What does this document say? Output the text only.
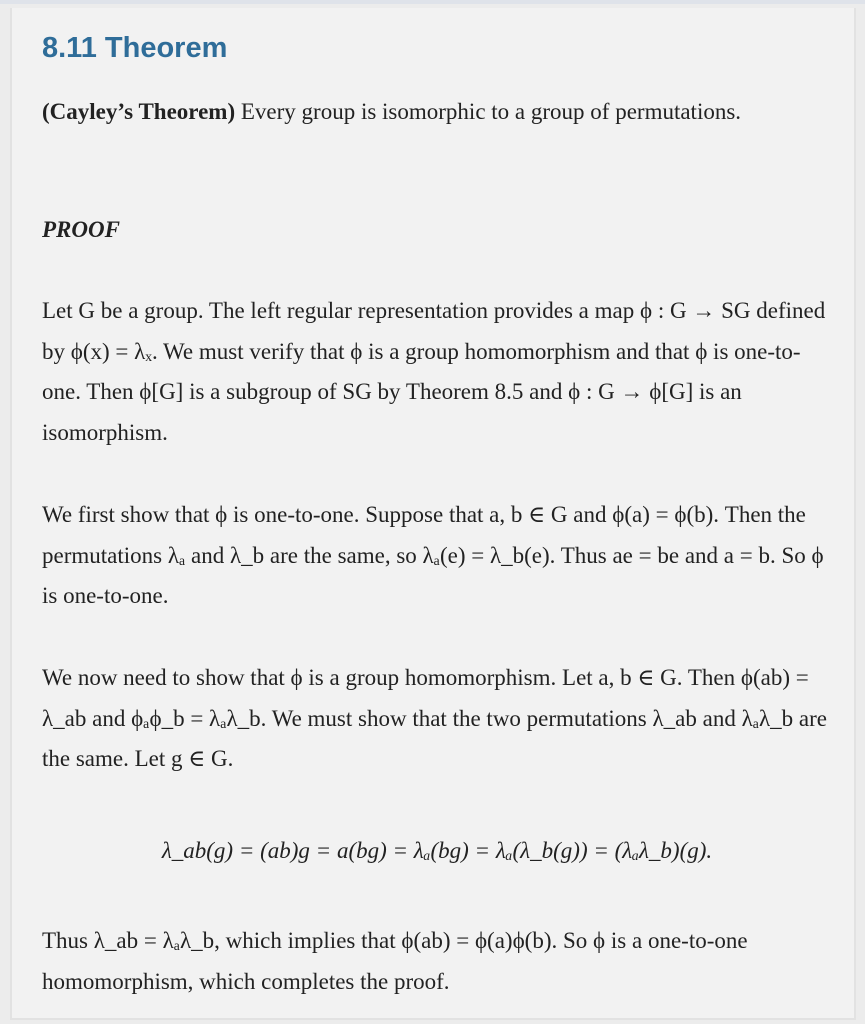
8.11 Theorem
(Cayley’s Theorem) Every group is isomorphic to a group of permutations.
PROOF
Let G be a group. The left regular representation provides a map ϕ : G → SG defined by ϕ(x) = λₓ. We must verify that ϕ is a group homomorphism and that ϕ is one-to-one. Then ϕ[G] is a subgroup of SG by Theorem 8.5 and ϕ : G → ϕ[G] is an isomorphism.
We first show that ϕ is one-to-one. Suppose that a, b ∈ G and ϕ(a) = ϕ(b). Then the permutations λₐ and λ_b are the same, so λₐ(e) = λ_b(e). Thus ae = be and a = b. So ϕ is one-to-one.
We now need to show that ϕ is a group homomorphism. Let a, b ∈ G. Then ϕ(ab) = λ_ab and ϕₐϕ_b = λₐλ_b. We must show that the two permutations λ_ab and λₐλ_b are the same. Let g ∈ G.
λ_ab(g) = (ab)g = a(bg) = λₐ(bg) = λₐ(λ_b(g)) = (λₐλ_b)(g).
Thus λ_ab = λₐλ_b, which implies that ϕ(ab) = ϕ(a)ϕ(b). So ϕ is a one-to-one homomorphism, which completes the proof.
